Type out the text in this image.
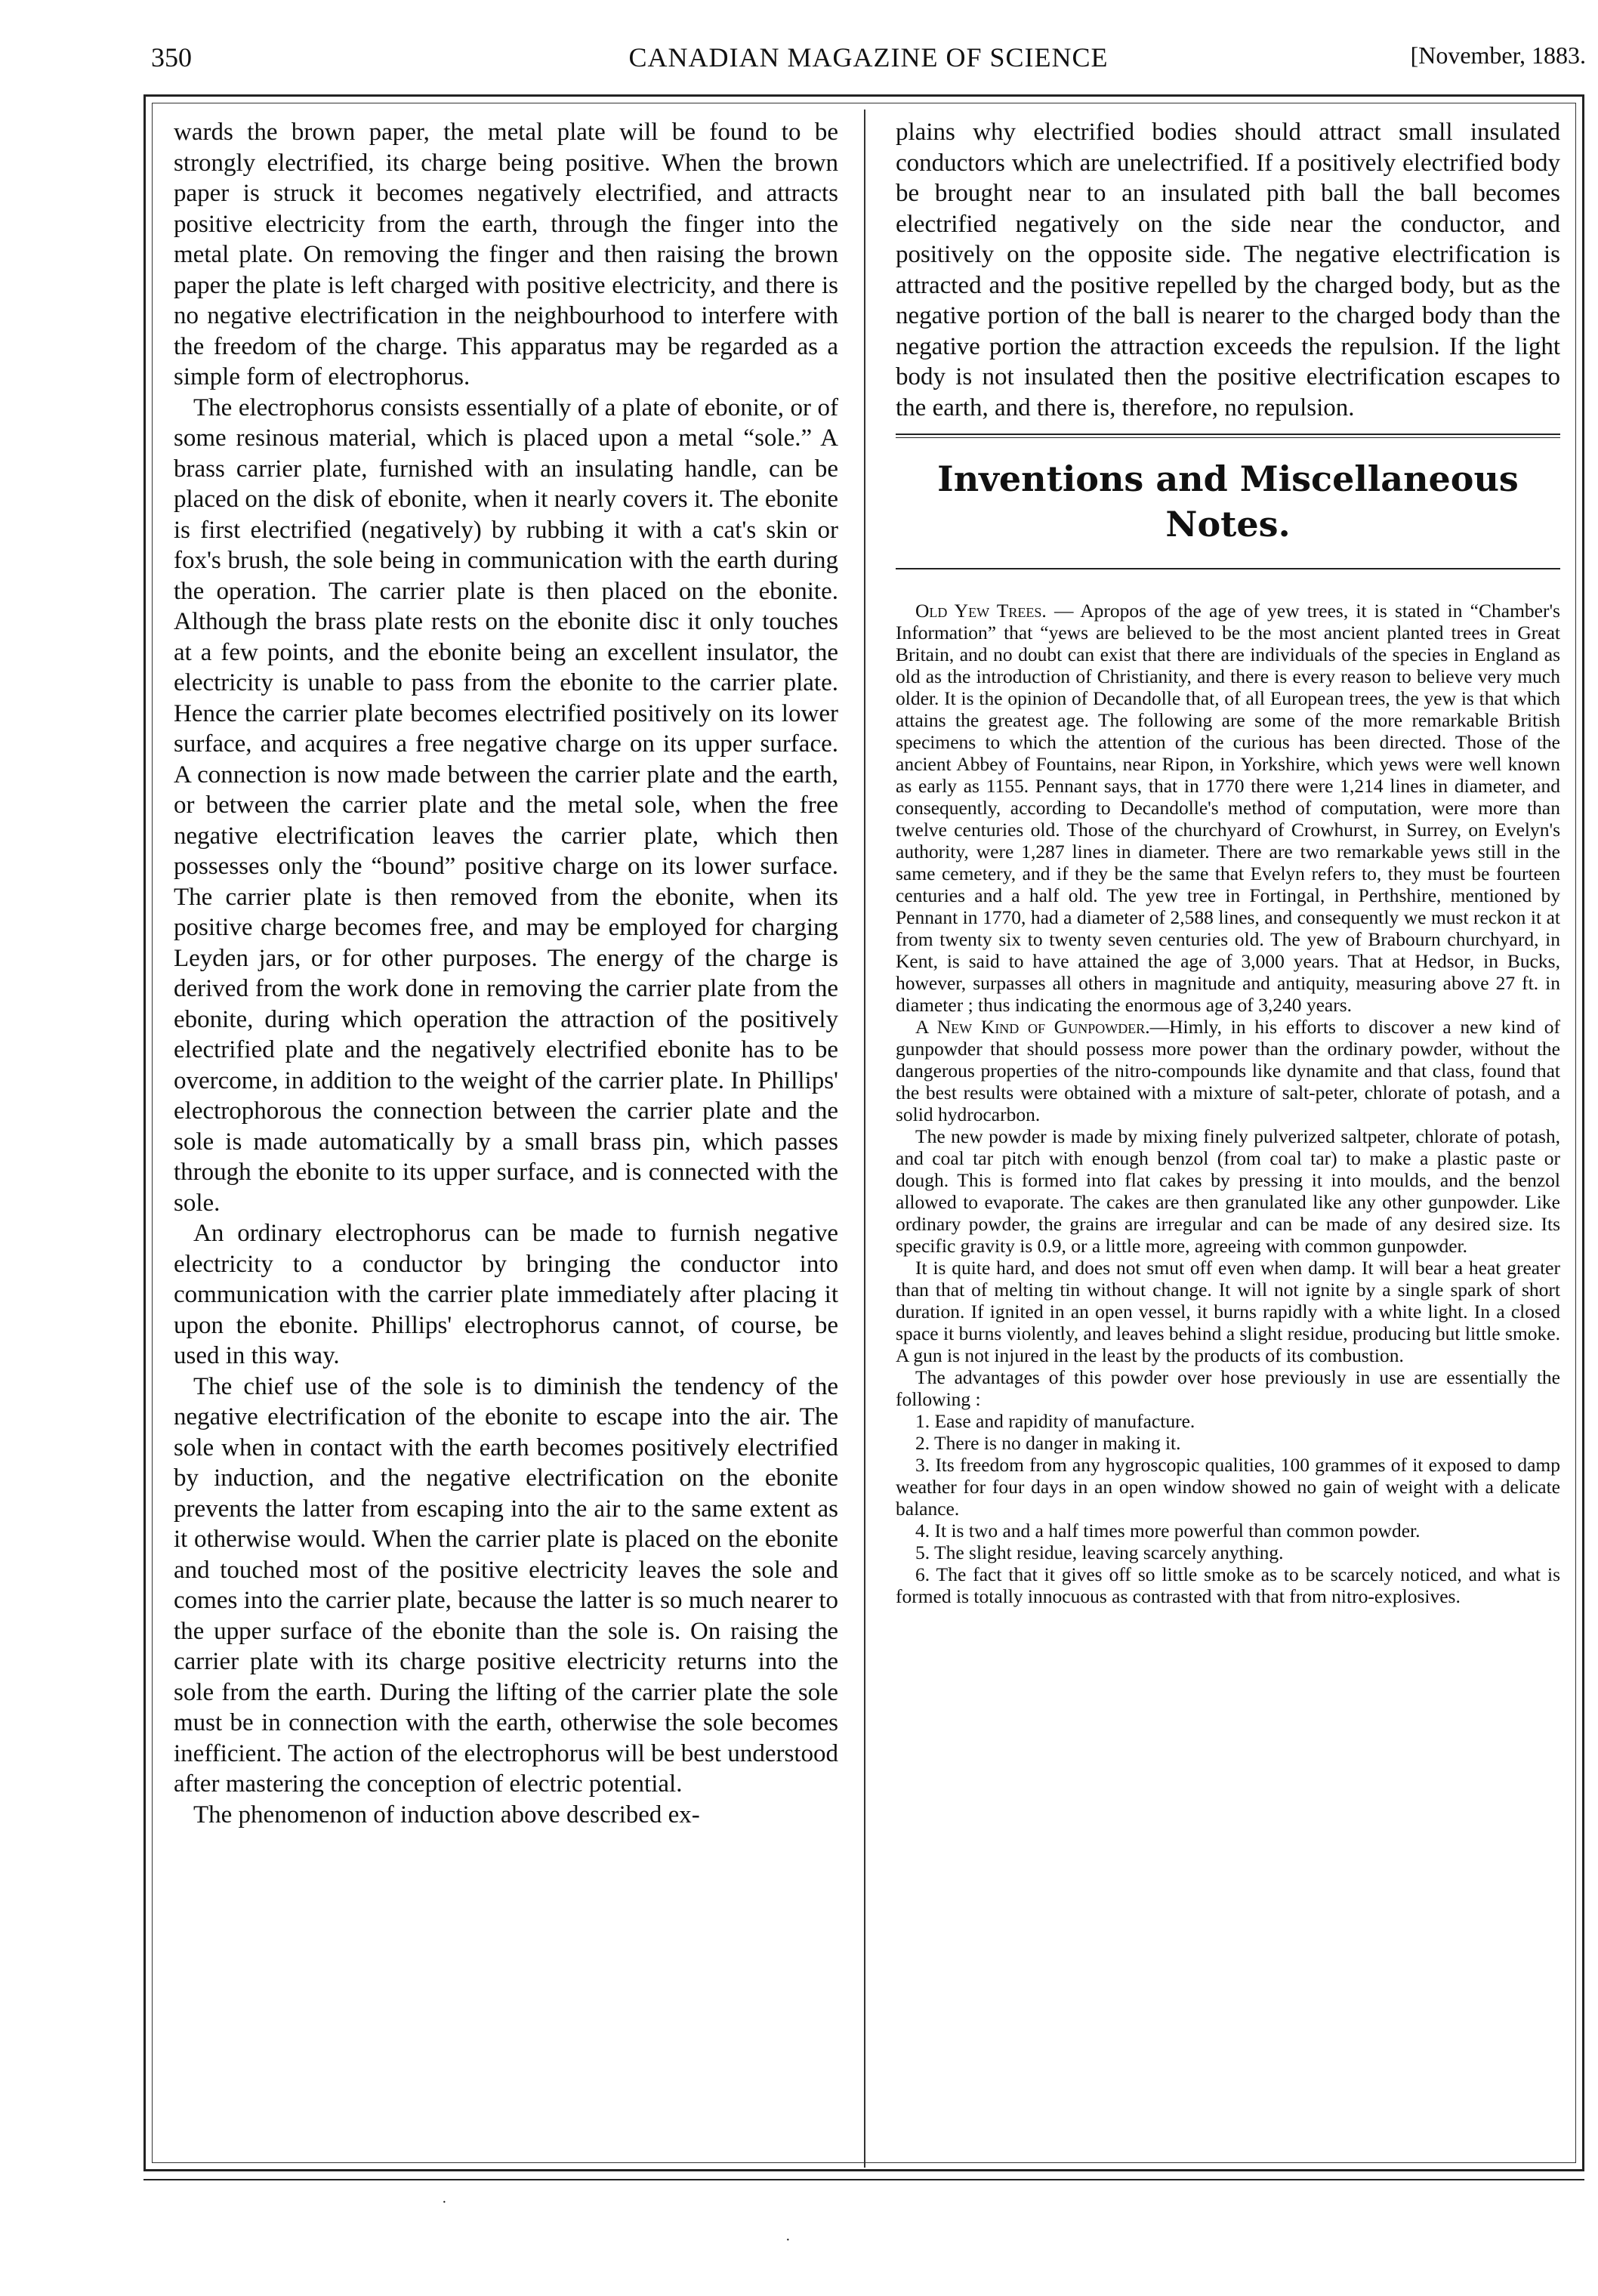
350	CANADIAN MAGAZINE OF SCIENCE	[November, 1883.

wards the brown paper, the metal plate will be found to be strongly electrified, its charge being positive. When the brown paper is struck it becomes negatively electrified, and attracts positive electricity from the earth, through the finger into the metal plate. On removing the finger and then raising the brown paper the plate is left charged with positive electricity, and there is no negative electrification in the neighbourhood to interfere with the freedom of the charge. This apparatus may be regarded as a simple form of electrophorus.

The electrophorus consists essentially of a plate of ebonite, or of some resinous material, which is placed upon a metal “sole.” A brass carrier plate, furnished with an insulating handle, can be placed on the disk of ebonite, when it nearly covers it. The ebonite is first electrified (negatively) by rubbing it with a cat's skin or fox's brush, the sole being in communication with the earth during the operation. The carrier plate is then placed on the ebonite. Although the brass plate rests on the ebonite disc it only touches at a few points, and the ebonite being an excellent insulator, the electricity is unable to pass from the ebonite to the carrier plate. Hence the carrier plate becomes electrified positively on its lower surface, and acquires a free negative charge on its upper surface. A connection is now made between the carrier plate and the earth, or between the carrier plate and the metal sole, when the free negative electrification leaves the carrier plate, which then possesses only the “bound” positive charge on its lower surface. The carrier plate is then removed from the ebonite, when its positive charge becomes free, and may be employed for charging Leyden jars, or for other purposes. The energy of the charge is derived from the work done in removing the carrier plate from the ebonite, during which operation the attraction of the positively electrified plate and the negatively electrified ebonite has to be overcome, in addition to the weight of the carrier plate. In Phillips' electrophorous the connection between the carrier plate and the sole is made automatically by a small brass pin, which passes through the ebonite to its upper surface, and is connected with the sole.

An ordinary electrophorus can be made to furnish negative electricity to a conductor by bringing the conductor into communication with the carrier plate immediately after placing it upon the ebonite. Phillips' electrophorus cannot, of course, be used in this way.

The chief use of the sole is to diminish the tendency of the negative electrification of the ebonite to escape into the air. The sole when in contact with the earth becomes positively electrified by induction, and the negative electrification on the ebonite prevents the latter from escaping into the air to the same extent as it otherwise would. When the carrier plate is placed on the ebonite and touched most of the positive electricity leaves the sole and comes into the carrier plate, because the latter is so much nearer to the upper surface of the ebonite than the sole is. On raising the carrier plate with its charge positive electricity returns into the sole from the earth. During the lifting of the carrier plate the sole must be in connection with the earth, otherwise the sole becomes inefficient. The action of the electrophorus will be best understood after mastering the conception of electric potential.

The phenomenon of induction above described ex-

plains why electrified bodies should attract small insulated conductors which are unelectrified. If a positively electrified body be brought near to an insulated pith ball the ball becomes electrified negatively on the side near the conductor, and positively on the opposite side. The negative electrification is attracted and the positive repelled by the charged body, but as the negative portion of the ball is nearer to the charged body than the negative portion the attraction exceeds the repulsion. If the light body is not insulated then the positive electrification escapes to the earth, and there is, therefore, no repulsion.

Inventions and Miscellaneous Notes.

Old Yew Trees. — Apropos of the age of yew trees, it is stated in “Chamber's Information” that “yews are believed to be the most ancient planted trees in Great Britain, and no doubt can exist that there are individuals of the species in England as old as the introduction of Christianity, and there is every reason to believe very much older. It is the opinion of Decandolle that, of all European trees, the yew is that which attains the greatest age. The following are some of the more remarkable British specimens to which the attention of the curious has been directed. Those of the ancient Abbey of Fountains, near Ripon, in Yorkshire, which yews were well known as early as 1155. Pennant says, that in 1770 there were 1,214 lines in diameter, and consequently, according to Decandolle's method of computation, were more than twelve centuries old. Those of the churchyard of Crowhurst, in Surrey, on Evelyn's authority, were 1,287 lines in diameter. There are two remarkable yews still in the same cemetery, and if they be the same that Evelyn refers to, they must be fourteen centuries and a half old. The yew tree in Fortingal, in Perthshire, mentioned by Pennant in 1770, had a diameter of 2,588 lines, and consequently we must reckon it at from twenty six to twenty seven centuries old. The yew of Brabourn churchyard, in Kent, is said to have attained the age of 3,000 years. That at Hedsor, in Bucks, however, surpasses all others in magnitude and antiquity, measuring above 27 ft. in diameter ; thus indicating the enormous age of 3,240 years.

A New Kind of Gunpowder.—Himly, in his efforts to discover a new kind of gunpowder that should possess more power than the ordinary powder, without the dangerous properties of the nitro-compounds like dynamite and that class, found that the best results were obtained with a mixture of salt-peter, chlorate of potash, and a solid hydrocarbon.

The new powder is made by mixing finely pulverized saltpeter, chlorate of potash, and coal tar pitch with enough benzol (from coal tar) to make a plastic paste or dough. This is formed into flat cakes by pressing it into moulds, and the benzol allowed to evaporate. The cakes are then granulated like any other gunpowder. Like ordinary powder, the grains are irregular and can be made of any desired size. Its specific gravity is 0.9, or a little more, agreeing with common gunpowder.

It is quite hard, and does not smut off even when damp. It will bear a heat greater than that of melting tin without change. It will not ignite by a single spark of short duration. If ignited in an open vessel, it burns rapidly with a white light. In a closed space it burns violently, and leaves behind a slight residue, producing but little smoke. A gun is not injured in the least by the products of its combustion.

The advantages of this powder over hose previously in use are essentially the following :

1. Ease and rapidity of manufacture.
2. There is no danger in making it.
3. Its freedom from any hygroscopic qualities, 100 grammes of it exposed to damp weather for four days in an open window showed no gain of weight with a delicate balance.
4. It is two and a half times more powerful than common powder.
5. The slight residue, leaving scarcely anything.
6. The fact that it gives off so little smoke as to be scarcely noticed, and what is formed is totally innocuous as contrasted with that from nitro-explosives.
·
·
